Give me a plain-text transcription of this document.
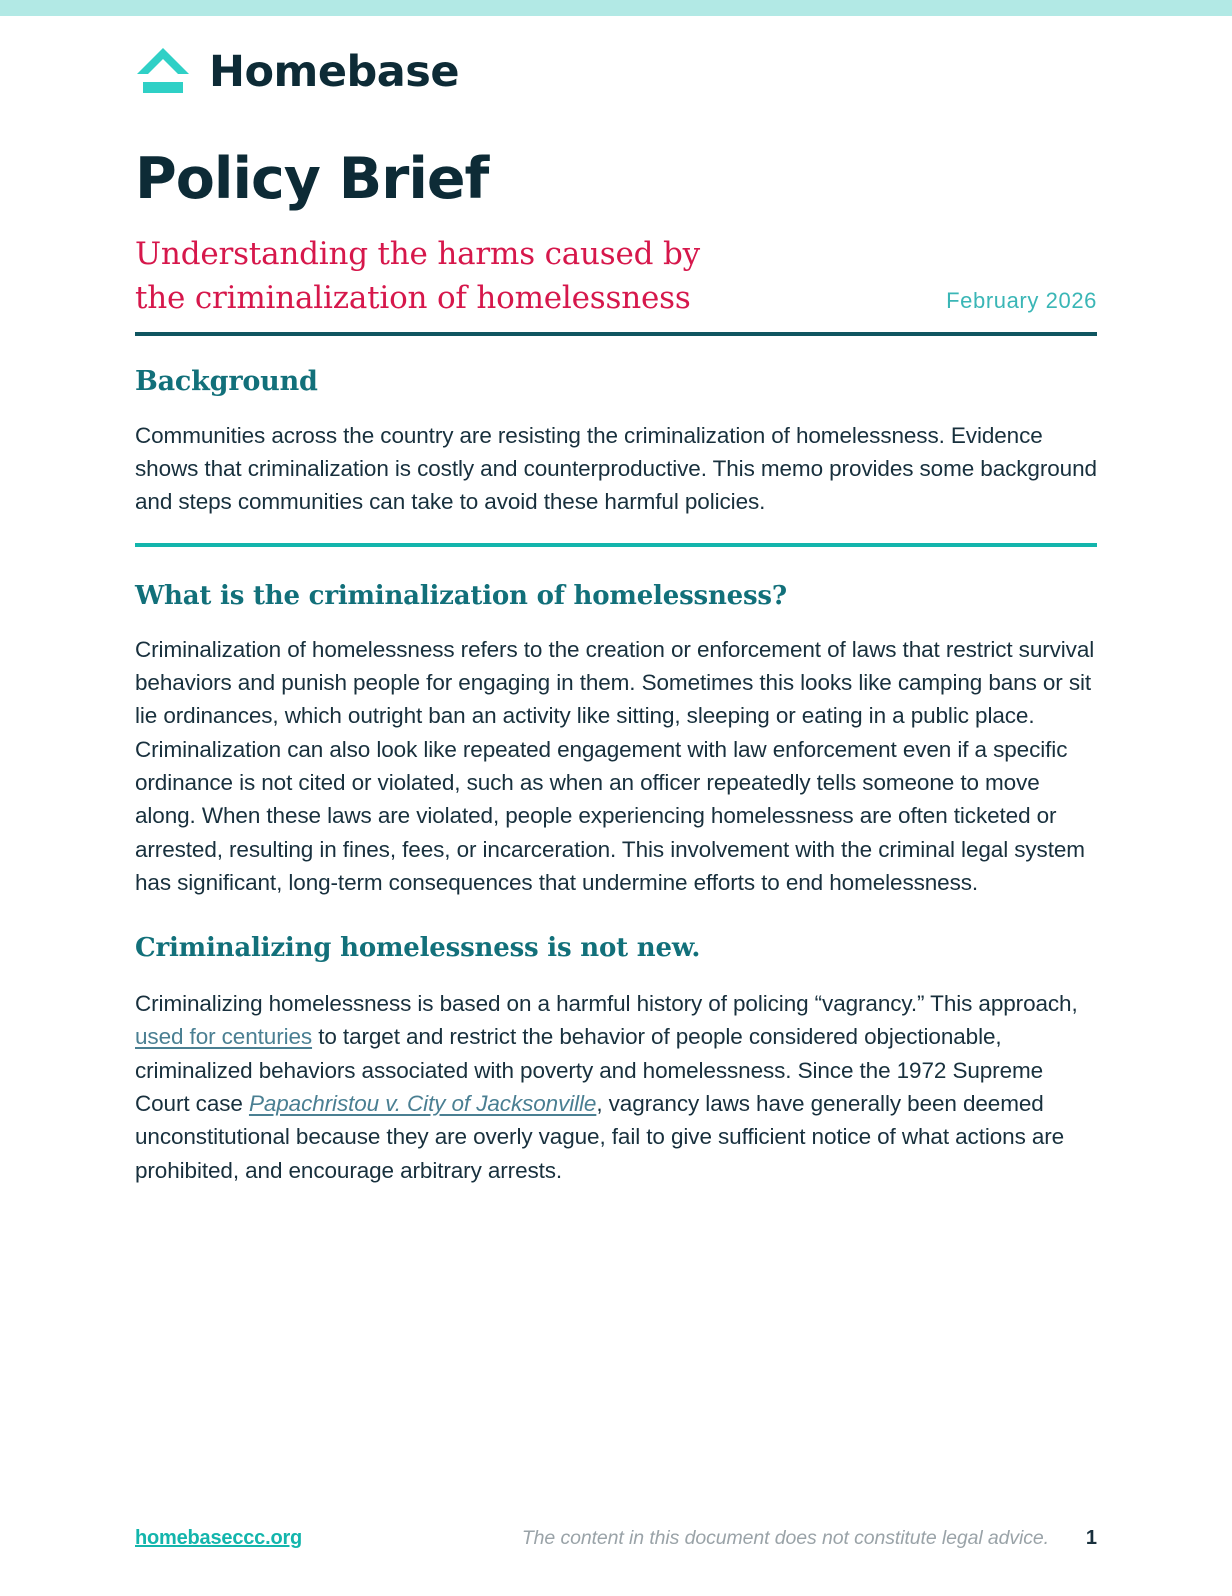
Homebase
Policy Brief
Understanding the harms caused by
the criminalization of homelessness	February 2026
Background

Communities across the country are resisting the criminalization of homelessness. Evidence shows that criminalization is costly and counterproductive. This memo provides some background and steps communities can take to avoid these harmful policies.

What is the criminalization of homelessness?

Criminalization of homelessness refers to the creation or enforcement of laws that restrict survival behaviors and punish people for engaging in them. Sometimes this looks like camping bans or sit lie ordinances, which outright ban an activity like sitting, sleeping or eating in a public place. Criminalization can also look like repeated engagement with law enforcement even if a specific ordinance is not cited or violated, such as when an officer repeatedly tells someone to move along. When these laws are violated, people experiencing homelessness are often ticketed or arrested, resulting in fines, fees, or incarceration. This involvement with the criminal legal system has significant, long-term consequences that undermine efforts to end homelessness.

Criminalizing homelessness is not new.

Criminalizing homelessness is based on a harmful history of policing “vagrancy.” This approach, used for centuries to target and restrict the behavior of people considered objectionable, criminalized behaviors associated with poverty and homelessness. Since the 1972 Supreme Court case Papachristou v. City of Jacksonville, vagrancy laws have generally been deemed unconstitutional because they are overly vague, fail to give sufficient notice of what actions are prohibited, and encourage arbitrary arrests.

homebaseccc.org	The content in this document does not constitute legal advice. 1
